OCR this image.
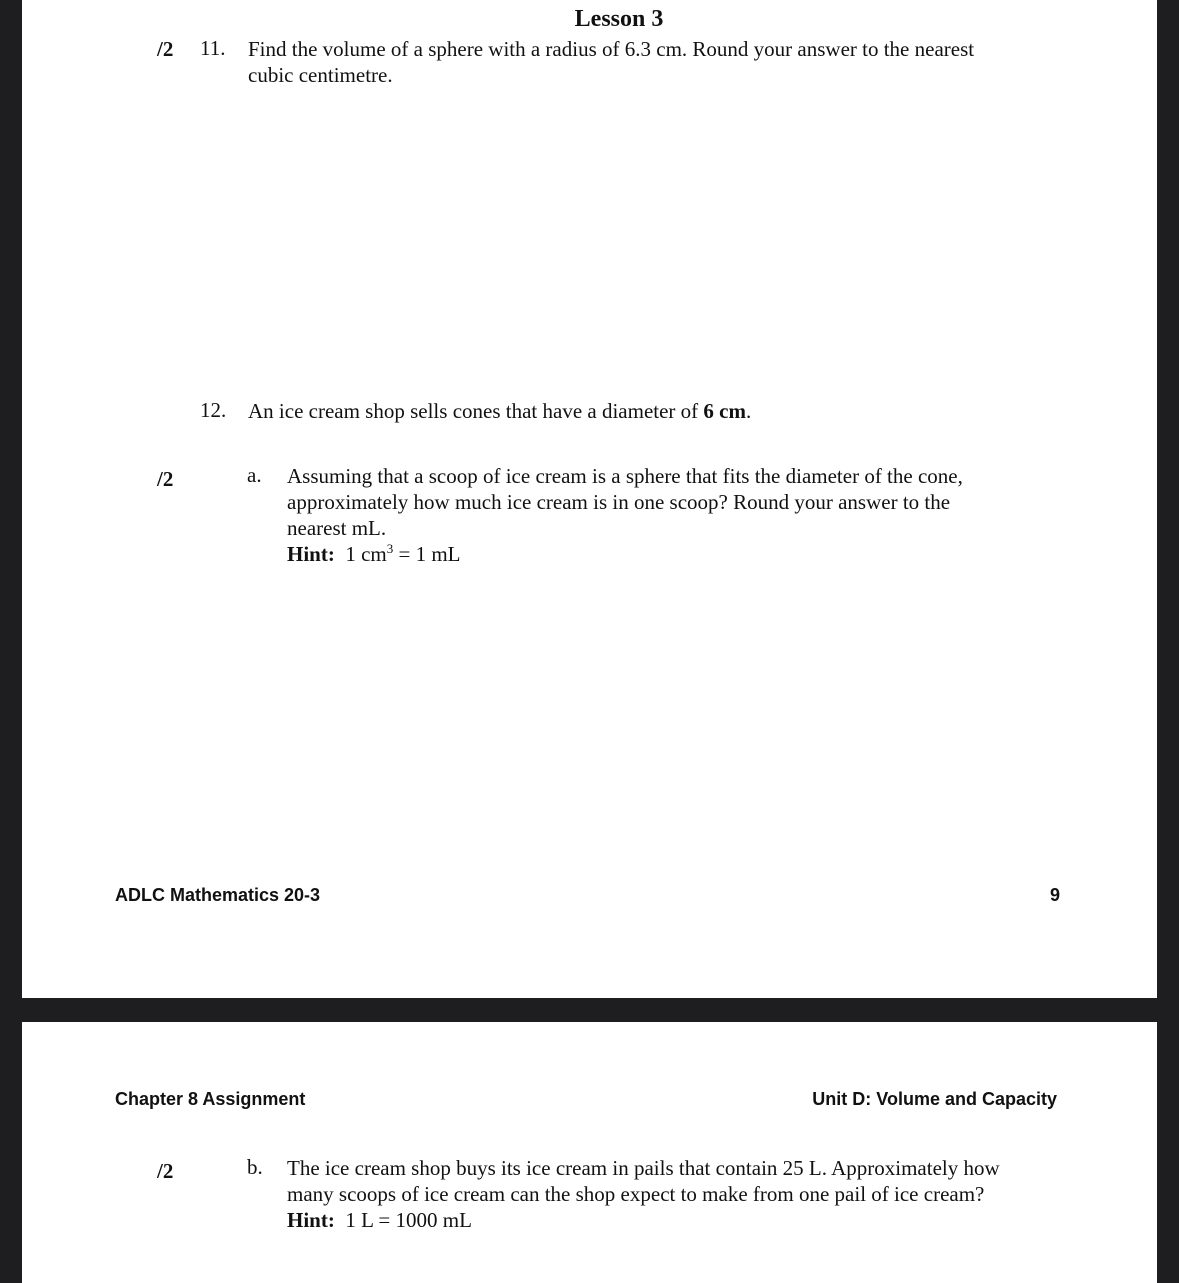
Lesson 3
/2 11. Find the volume of a sphere with a radius of 6.3 cm. Round your answer to the nearest
cubic centimetre.
12. An ice cream shop sells cones that have a diameter of 6 cm.
/2	a. Assuming that a scoop of ice cream is a sphere that fits the diameter of the cone,
approximately how much ice cream is in one scoop? Round your answer to the
nearest mL.
Hint: 1 $cm^3 = 1$ mL
ADLC Mathematics 20-3	9
Chapter 8 Assignment	Unit D: Volume and Capacity
/2	b. The ice cream shop buys its ice cream in pails that contain 25 L. Approximately how
many scoops of ice cream can the shop expect to make from one pail of ice cream?
Hint: 1 L = 1000 mL
